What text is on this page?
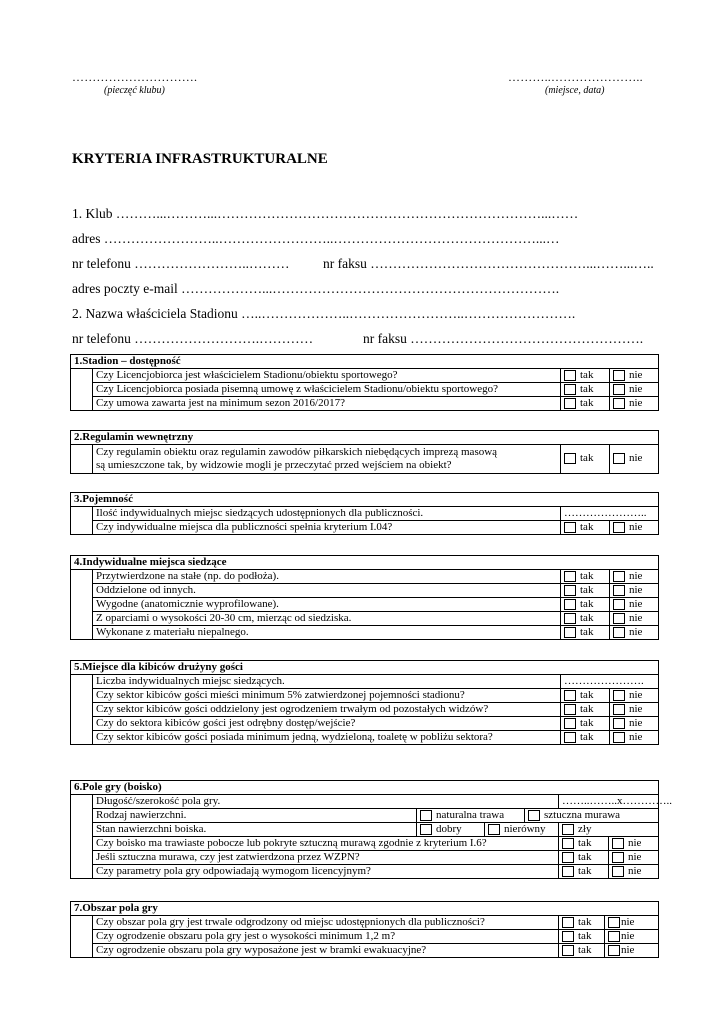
………………………….
(pieczęć klubu)
………..…………………..
(miejsce, data)
KRYTERIA INFRASTRUKTURALNE
1. Klub ………...………...………………………………………………………………...……
adres ……………………..……………………..………………………………………...…
nr telefonu ……………………..……… nr faksu …………………………………………...……...…..
adres poczty e-mail ………………...……………………………………………………….
2. Nazwa właściciela Stadionu …..………………..……………………..…………………….
nr telefonu ……………………….…………	nr faksu …………………………………………….
1.Stadion – dostępność			
	Czy Licencjobiorca jest właścicielem Stadionu/obiektu sportowego?	tak	nie
	Czy Licencjobiorca posiada pisemną umowę z właścicielem Stadionu/obiektu sportowego?	tak	nie
	Czy umowa zawarta jest na minimum sezon 2016/2017?	tak	nie
2.Regulamin wewnętrzny

Czy regulamin obiektu oraz regulamin zawodów piłkarskich niebędących imprezą masową
są umieszczone tak, by widzowie mogli je przeczytać przed wejściem na obiekt?
	tak	nie
3.Pojemność			
	Ilość indywidualnych miejsc siedzących udostępnionych dla publiczności.	…………………..	
	Czy indywidualne miejsca dla publiczności spełnia kryterium I.04?	tak	nie
4.Indywidualne miejsca siedzące			
	Przytwierdzone na stałe (np. do podłoża).	tak	nie
	Oddzielone od innych.	tak	nie
	Wygodne (anatomicznie wyprofilowane).	tak	nie
	Z oparciami o wysokości 20-30 cm, mierząc od siedziska.	tak	nie
	Wykonane z materiału niepalnego.	tak	nie
5.Miejsce dla kibiców drużyny gości			
	Liczba indywidualnych miejsc siedzących.	………………….	
	Czy sektor kibiców gości mieści minimum 5% zatwierdzonej pojemności stadionu?	tak	nie
	Czy sektor kibiców gości oddzielony jest ogrodzeniem trwałym od pozostałych widzów?	tak	nie
	Czy do sektora kibiców gości jest odrębny dostęp/wejście?	tak	nie
	Czy sektor kibiców gości posiada minimum jedną, wydzieloną, toaletę w pobliżu sektora?	tak	nie
6.Pole gry (boisko)						
	Długość/szerokość pola gry.				……..……..x…………..	
	Rodzaj nawierzchni.	naturalna trawa		sztuczna murawa		
	Stan nawierzchni boiska.	dobry	nierówny		zły	
	Czy boisko ma trawiaste pobocze lub pokryte sztuczną murawą zgodnie z kryterium I.6?				tak	nie
	Jeśli sztuczna murawa, czy jest zatwierdzona przez WZPN?				tak	nie
	Czy parametry pola gry odpowiadają wymogom licencyjnym?				tak	nie
7.Obszar pola gry			
	Czy obszar pola gry jest trwale odgrodzony od miejsc udostępnionych dla publiczności?	tak	nie
	Czy ogrodzenie obszaru pola gry jest o wysokości minimum 1,2 m?	tak	nie
	Czy ogrodzenie obszaru pola gry wyposażone jest w bramki ewakuacyjne?	tak	nie
